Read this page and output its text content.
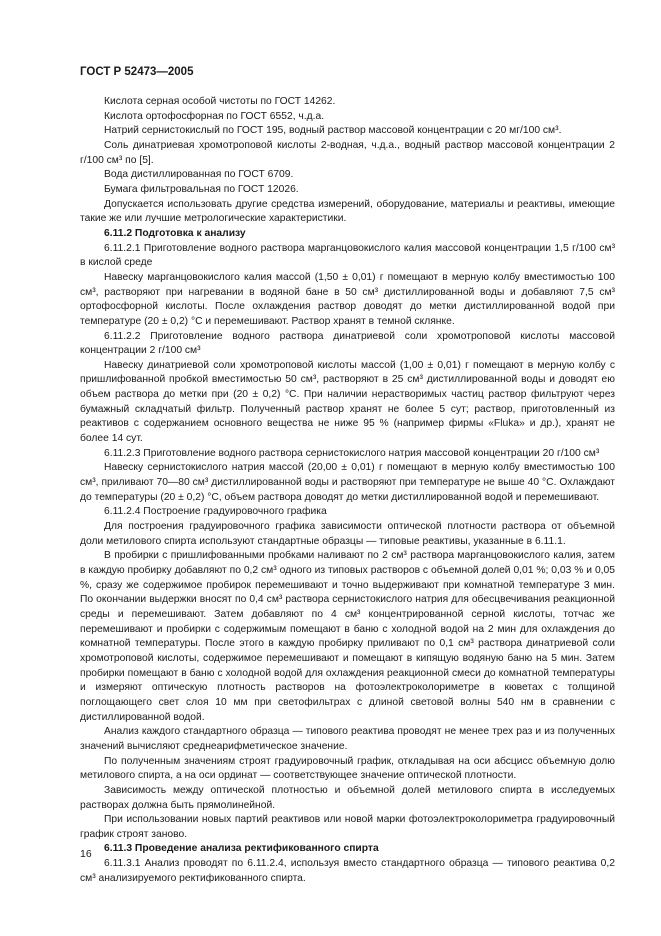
ГОСТ Р 52473—2005

Кислота серная особой чистоты по ГОСТ 14262.

Кислота ортофосфорная по ГОСТ 6552, ч.д.а.

Натрий сернистокислый по ГОСТ 195, водный раствор массовой концентрации с 20 мг/100 см³.

Соль динатриевая хромотроповой кислоты 2-водная, ч.д.а., водный раствор массовой концентрации 2 г/100 см³ по [5].

Вода дистиллированная по ГОСТ 6709.

Бумага фильтровальная по ГОСТ 12026.

Допускается использовать другие средства измерений, оборудование, материалы и реактивы, имеющие такие же или лучшие метрологические характеристики.

6.11.2 Подготовка к анализу

6.11.2.1 Приготовление водного раствора марганцовокислого калия массовой концентрации 1,5 г/100 см³ в кислой среде

Навеску марганцовокислого калия массой (1,50 ± 0,01) г помещают в мерную колбу вместимостью 100 см³, растворяют при нагревании в водяной бане в 50 см³ дистиллированной воды и добавляют 7,5 см³ ортофосфорной кислоты. После охлаждения раствор доводят до метки дистиллированной водой при температуре (20 ± 0,2) °С и перемешивают. Раствор хранят в темной склянке.

6.11.2.2 Приготовление водного раствора динатриевой соли хромотроповой кислоты массовой концентрации 2 г/100 см³

Навеску динатриевой соли хромотроповой кислоты массой (1,00 ± 0,01) г помещают в мерную колбу с пришлифованной пробкой вместимостью 50 см³, растворяют в 25 см³ дистиллированной воды и доводят ею объем раствора до метки при (20 ± 0,2) °С. При наличии нерастворимых частиц раствор фильтруют через бумажный складчатый фильтр. Полученный раствор хранят не более 5 сут; раствор, приготовленный из реактивов с содержанием основного вещества не ниже 95 % (например фирмы «Fluka» и др.), хранят не более 14 сут.

6.11.2.3 Приготовление водного раствора сернистокислого натрия массовой концентрации 20 г/100 см³

Навеску сернистокислого натрия массой (20,00 ± 0,01) г помещают в мерную колбу вместимостью 100 см³, приливают 70—80 см³ дистиллированной воды и растворяют при температуре не выше 40 °С. Охлаждают до температуры (20 ± 0,2) °С, объем раствора доводят до метки дистиллированной водой и перемешивают.

6.11.2.4 Построение градуировочного графика

Для построения градуировочного графика зависимости оптической плотности раствора от объемной доли метилового спирта используют стандартные образцы — типовые реактивы, указанные в 6.11.1.

В пробирки с пришлифованными пробками наливают по 2 см³ раствора марганцовокислого калия, затем в каждую пробирку добавляют по 0,2 см³ одного из типовых растворов с объемной долей 0,01 %; 0,03 % и 0,05 %, сразу же содержимое пробирок перемешивают и точно выдерживают при комнатной температуре 3 мин. По окончании выдержки вносят по 0,4 см³ раствора сернистокислого натрия для обесцвечивания реакционной среды и перемешивают. Затем добавляют по 4 см³ концентрированной серной кислоты, тотчас же перемешивают и пробирки с содержимым помещают в баню с холодной водой на 2 мин для охлаждения до комнатной температуры. После этого в каждую пробирку приливают по 0,1 см³ раствора динатриевой соли хромотроповой кислоты, содержимое перемешивают и помещают в кипящую водяную баню на 5 мин. Затем пробирки помещают в баню с холодной водой для охлаждения реакционной смеси до комнатной температуры и измеряют оптическую плотность растворов на фотоэлектроколориметре в кюветах с толщиной поглощающего свет слоя 10 мм при светофильтрах с длиной световой волны 540 нм в сравнении с дистиллированной водой.

Анализ каждого стандартного образца — типового реактива проводят не менее трех раз и из полученных значений вычисляют среднеарифметическое значение.

По полученным значениям строят градуировочный график, откладывая на оси абсцисс объемную долю метилового спирта, а на оси ординат — соответствующее значение оптической плотности.

Зависимость между оптической плотностью и объемной долей метилового спирта в исследуемых растворах должна быть прямолинейной.

При использовании новых партий реактивов или новой марки фотоэлектроколориметра градуировочный график строят заново.

6.11.3 Проведение анализа ректификованного спирта

6.11.3.1 Анализ проводят по 6.11.2.4, используя вместо стандартного образца — типового реактива 0,2 см³ анализируемого ректификованного спирта.

16
